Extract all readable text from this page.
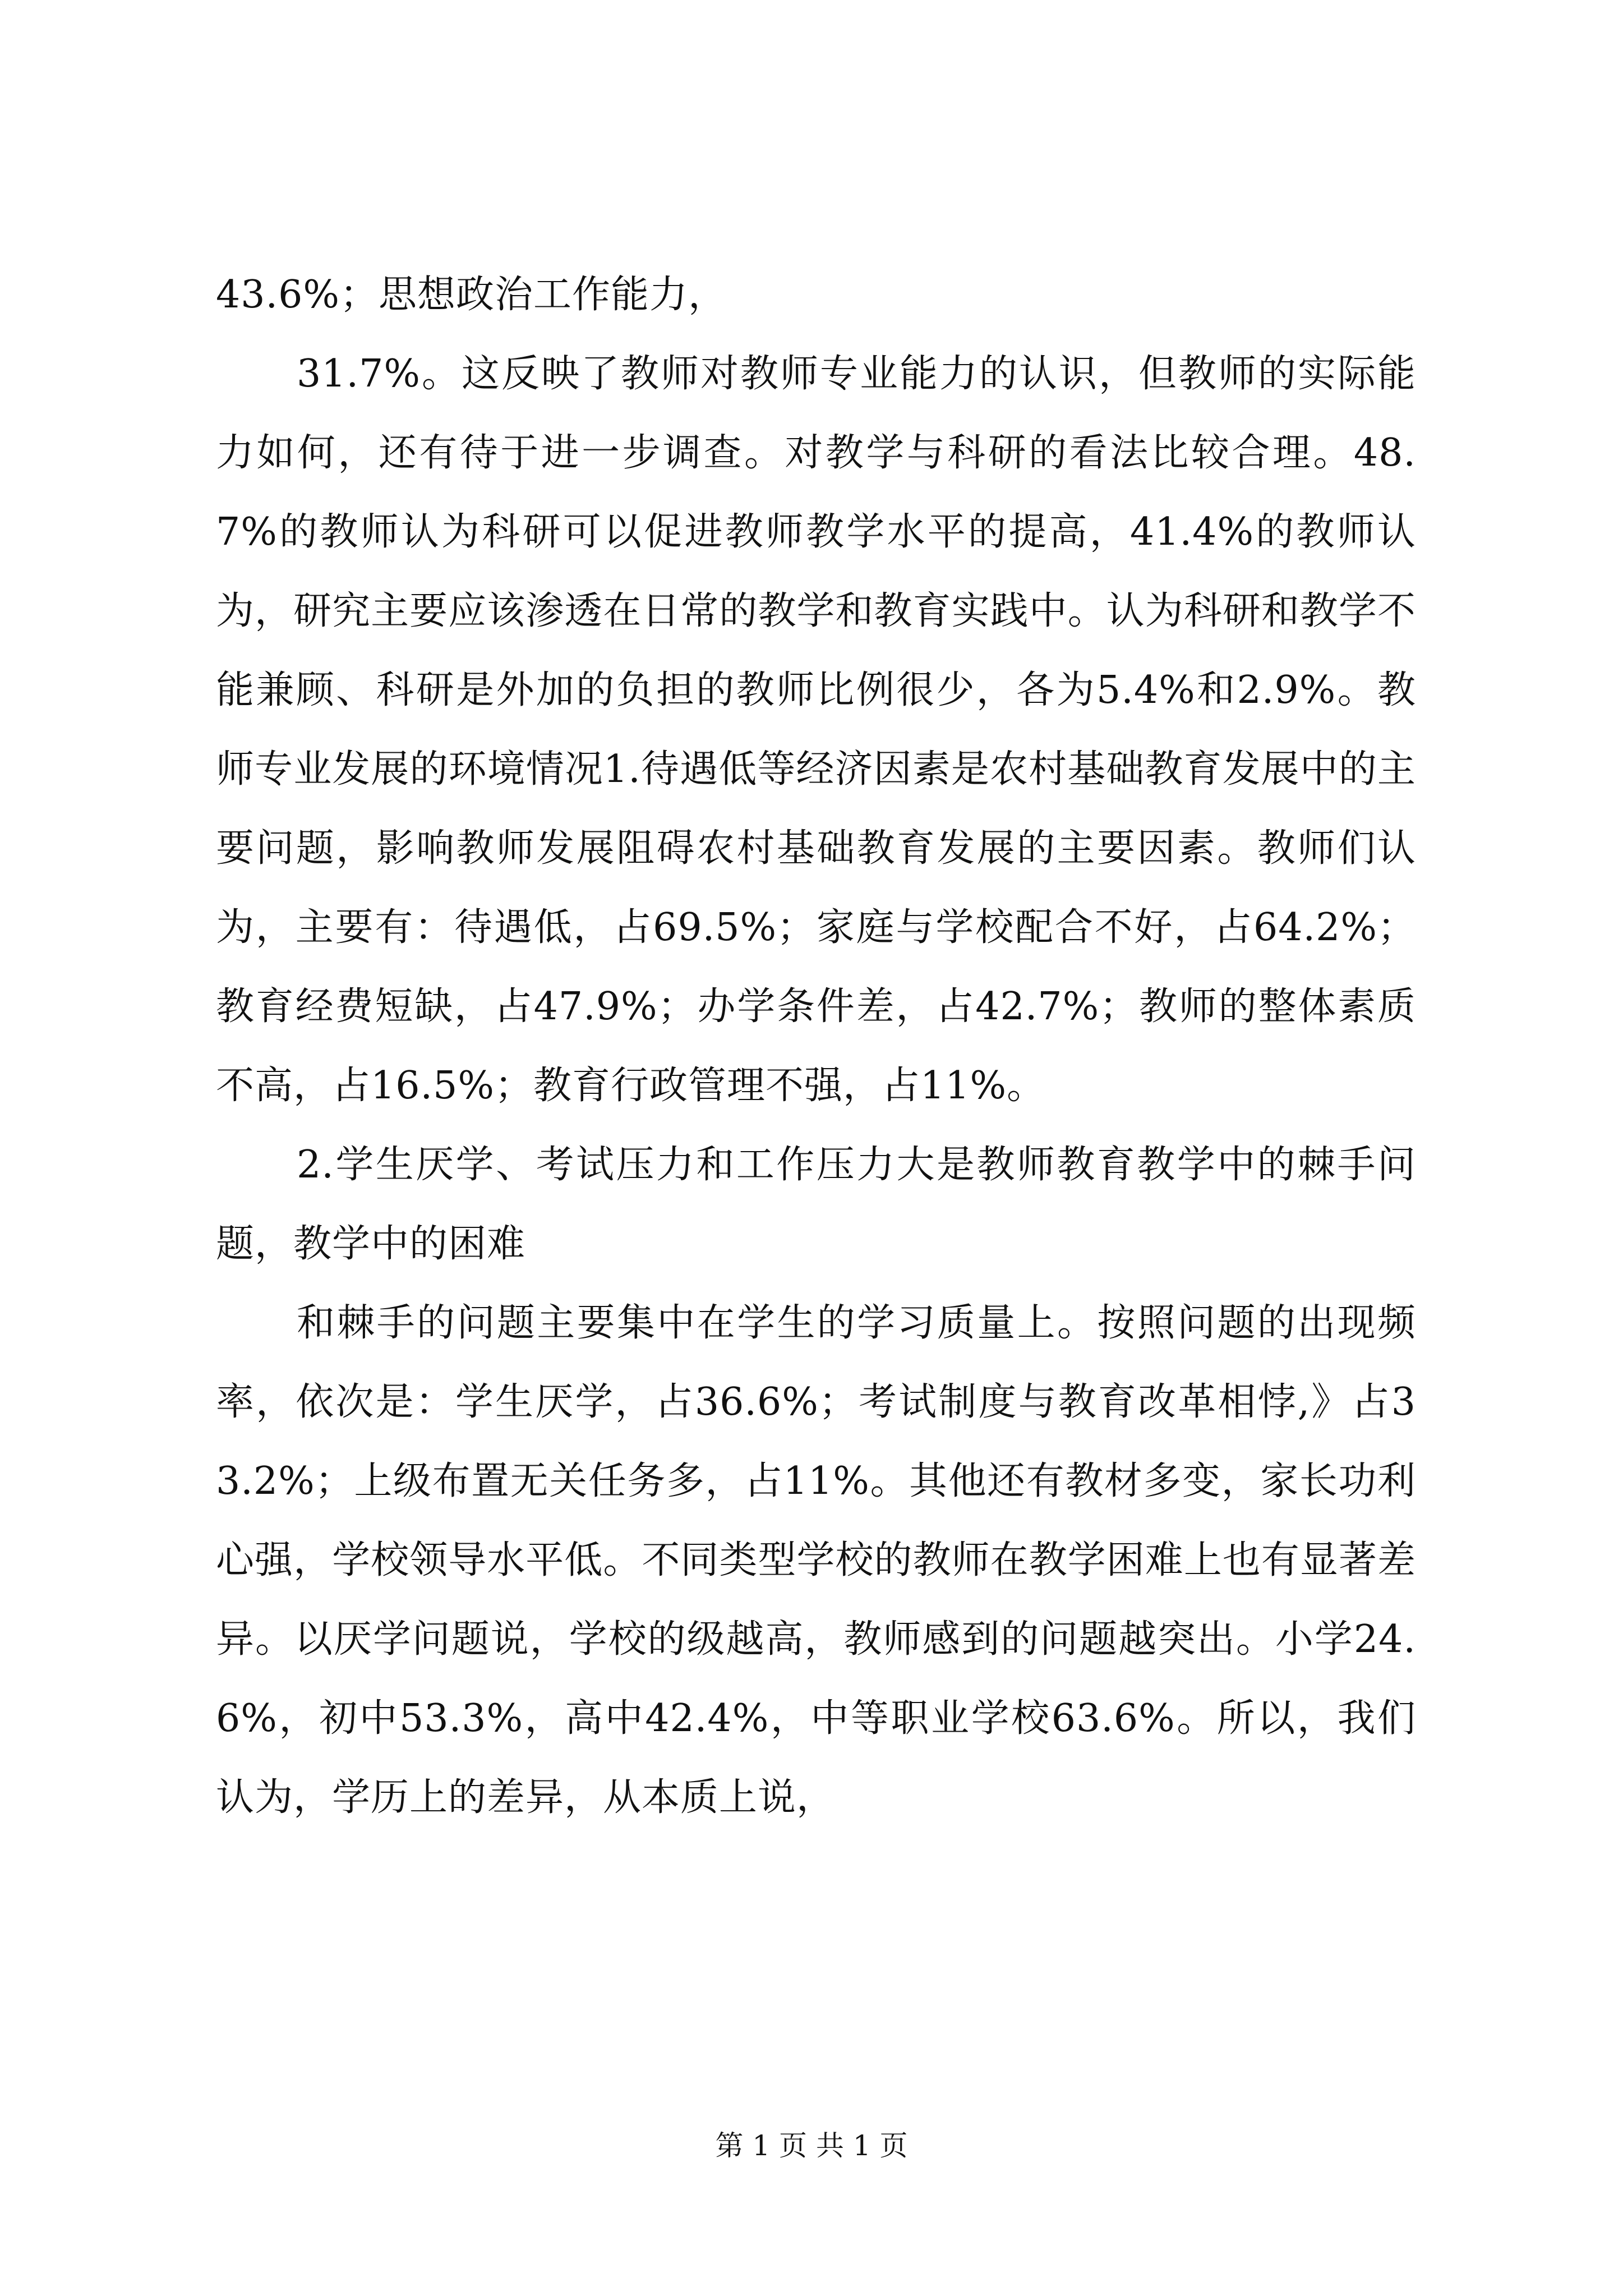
43.6%；思想政治工作能力，

31.7%。这反映了教师对教师专业能力的认识，但教师的实际能力如何，还有待于进一步调查。对教学与科研的看法比较合理。48.7%的教师认为科研可以促进教师教学水平的提高，41.4%的教师认为，研究主要应该渗透在日常的教学和教育实践中。认为科研和教学不能兼顾、科研是外加的负担的教师比例很少，各为5.4%和2.9%。教师专业发展的环境情况1.待遇低等经济因素是农村基础教育发展中的主要问题，影响教师发展阻碍农村基础教育发展的主要因素。教师们认为，主要有：待遇低，占69.5%；家庭与学校配合不好，占64.2%；教育经费短缺，占47.9%；办学条件差，占42.7%；教师的整体素质不高，占16.5%；教育行政管理不强，占11%。

2.学生厌学、考试压力和工作压力大是教师教育教学中的棘手问题，教学中的困难

和棘手的问题主要集中在学生的学习质量上。按照问题的出现频率，依次是：学生厌学，占36.6%；考试制度与教育改革相悖,》占33.2%；上级布置无关任务多，占11%。其他还有教材多变，家长功利心强，学校领导水平低。不同类型学校的教师在教学困难上也有显著差异。以厌学问题说，学校的级越高，教师感到的问题越突出。小学24.6%，初中53.3%，高中42.4%，中等职业学校63.6%。所以，我们认为，学历上的差异，从本质上说，

第 1 页 共 1 页
